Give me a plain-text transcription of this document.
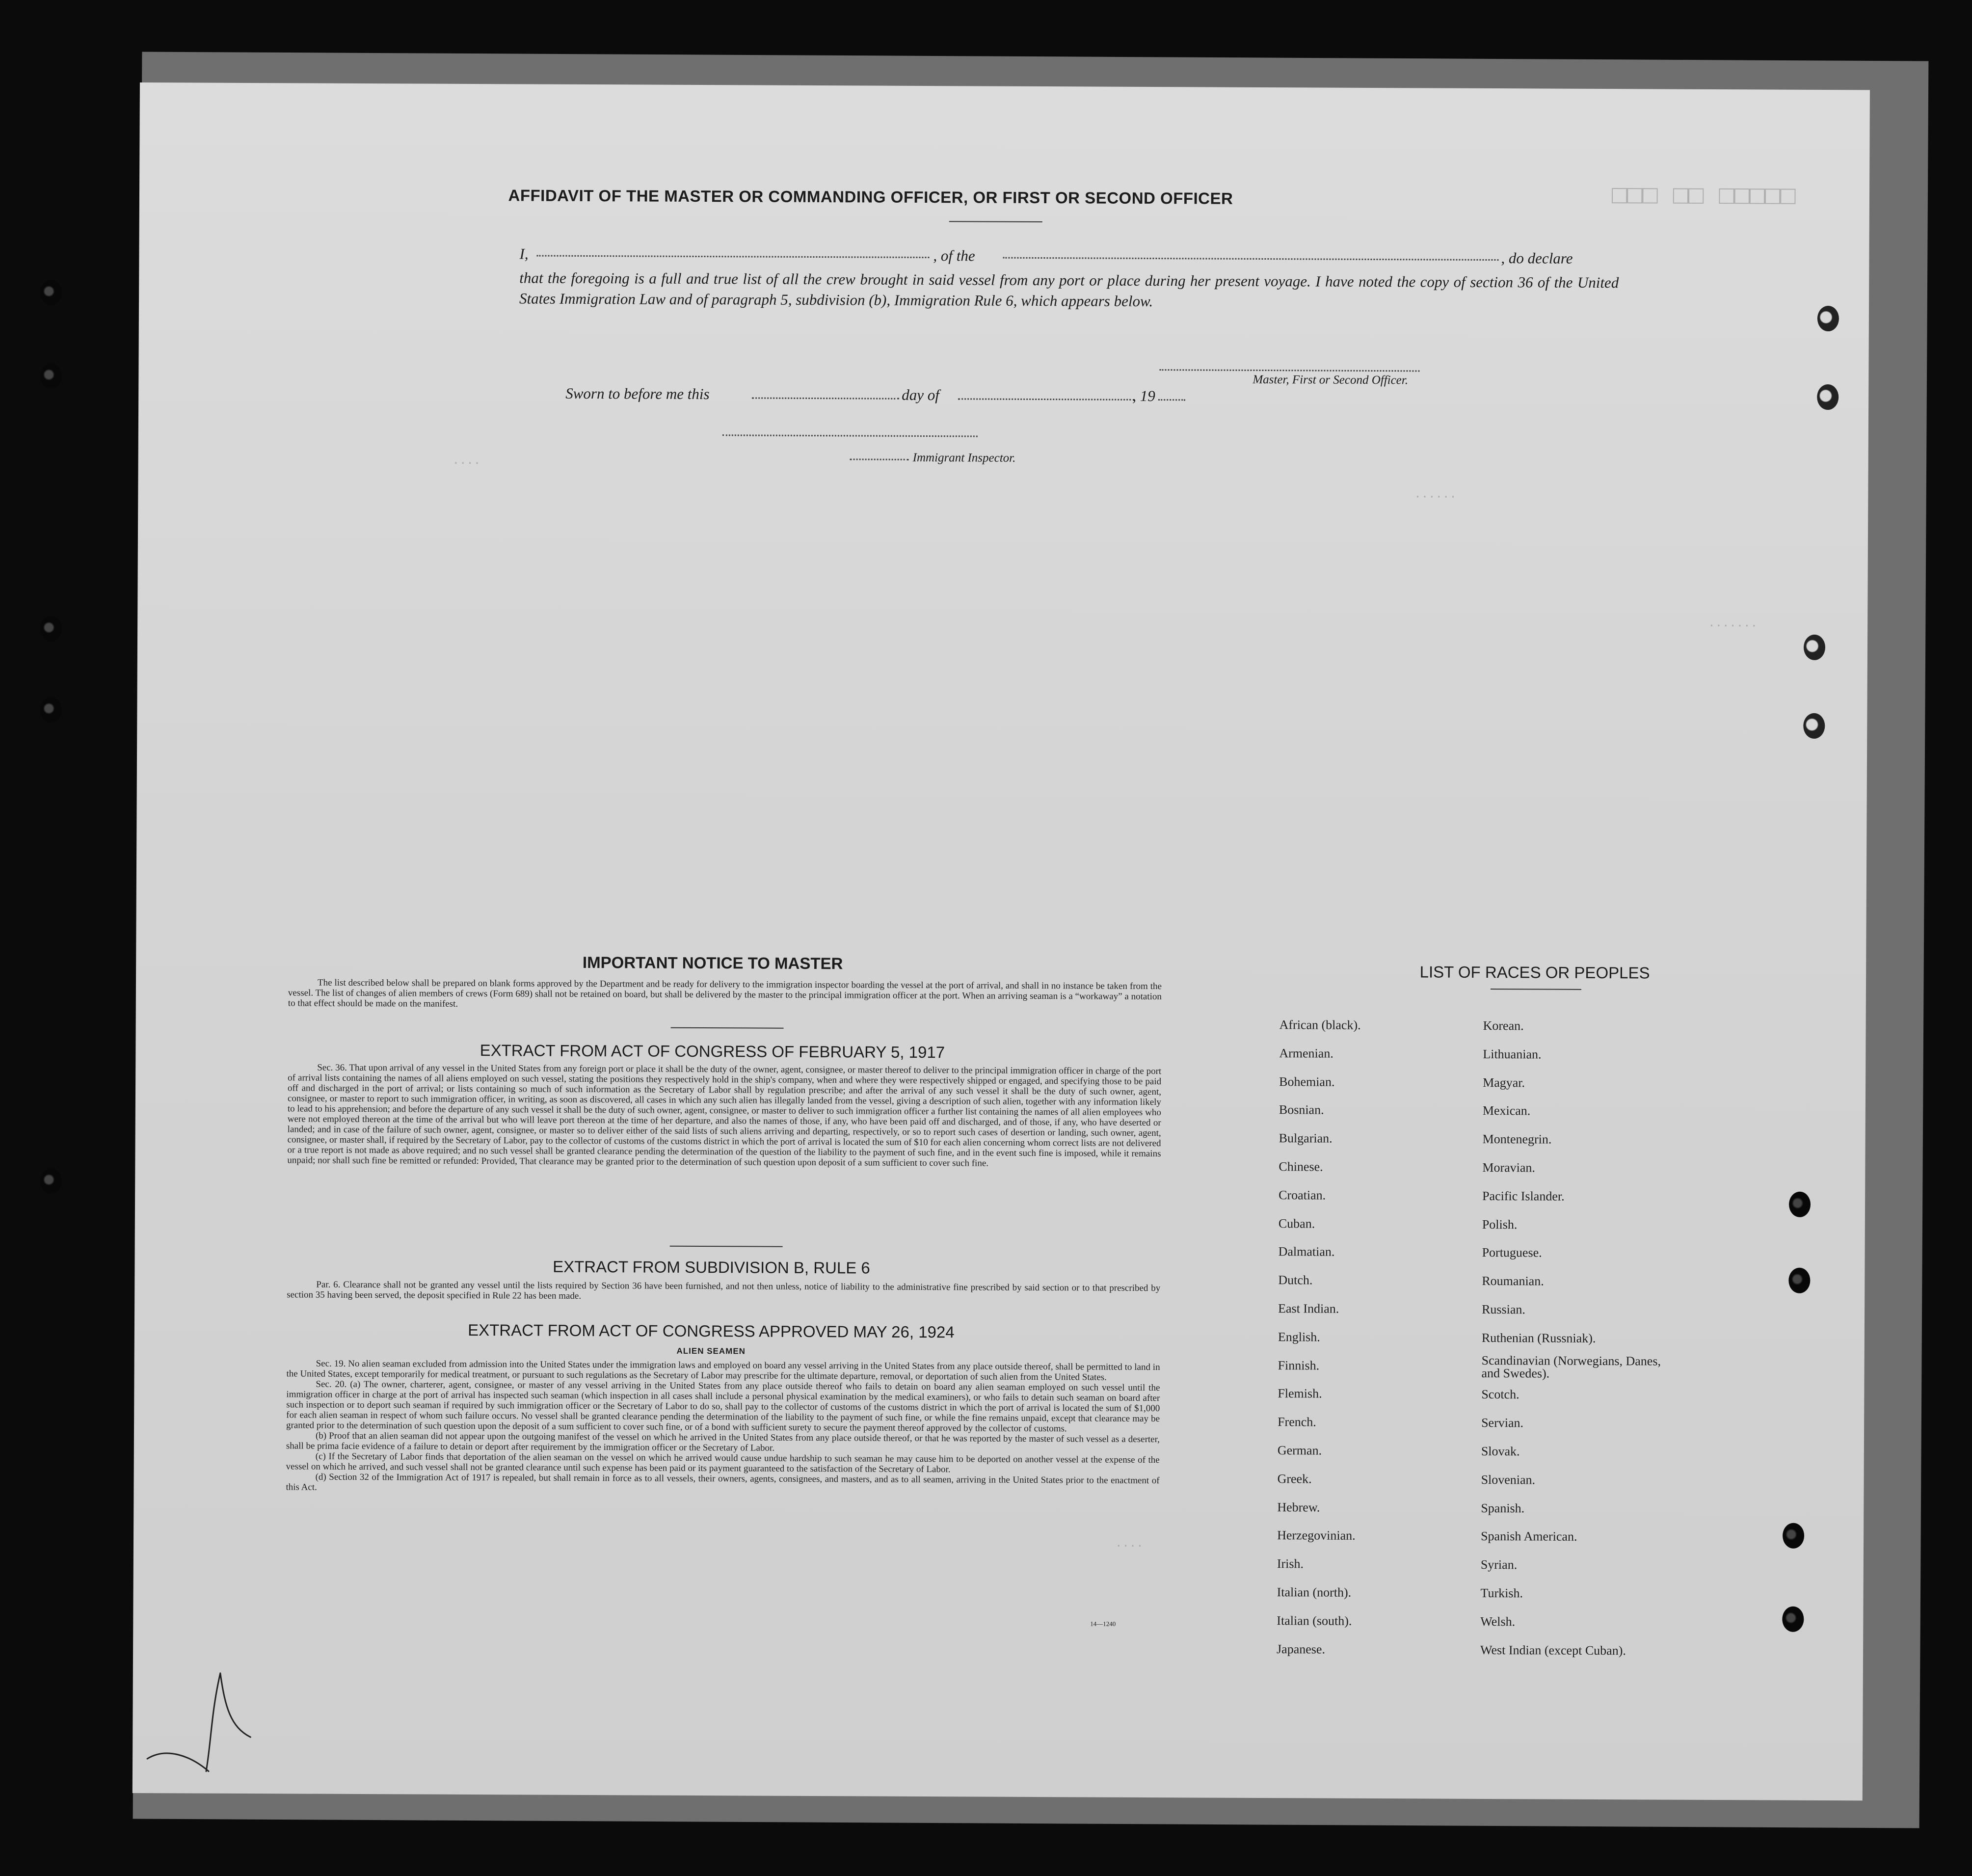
□□□ □□ □□□□□
······
·······
····
····
AFFIDAVIT OF THE MASTER OR COMMANDING OFFICER, OR FIRST OR SECOND OFFICER
I,	, of the	, do declare
that the foregoing is a full and true list of all the crew brought in said vessel from any port or place during her present voyage. I have noted the copy of section 36 of the United States Immigration Law and of paragraph 5, subdivision (b), Immigration Rule 6, which appears below.
Master, First or Second Officer.
Sworn to before me this	day of	, 19
Immigrant Inspector.
IMPORTANT NOTICE TO MASTER
The list described below shall be prepared on blank forms approved by the Department and be ready for delivery to the immigration inspector boarding the vessel at the port of arrival, and shall in no instance be taken from the vessel. The list of changes of alien members of crews (Form 689) shall not be retained on board, but shall be delivered by the master to the principal immigration officer at the port. When an arriving seaman is a “workaway” a notation to that effect should be made on the manifest.
EXTRACT FROM ACT OF CONGRESS OF FEBRUARY 5, 1917
Sec. 36. That upon arrival of any vessel in the United States from any foreign port or place it shall be the duty of the owner, agent, consignee, or master thereof to deliver to the principal immigration officer in charge of the port of arrival lists containing the names of all aliens employed on such vessel, stating the positions they respectively hold in the ship's company, when and where they were respectively shipped or engaged, and specifying those to be paid off and discharged in the port of arrival; or lists containing so much of such information as the Secretary of Labor shall by regulation prescribe; and after the arrival of any such vessel it shall be the duty of such owner, agent, consignee, or master to report to such immigration officer, in writing, as soon as discovered, all cases in which any such alien has illegally landed from the vessel, giving a description of such alien, together with any information likely to lead to his apprehension; and before the departure of any such vessel it shall be the duty of such owner, agent, consignee, or master to deliver to such immigration officer a further list containing the names of all alien employees who were not employed thereon at the time of the arrival but who will leave port thereon at the time of her departure, and also the names of those, if any, who have been paid off and discharged, and of those, if any, who have deserted or landed; and in case of the failure of such owner, agent, consignee, or master so to deliver either of the said lists of such aliens arriving and departing, respectively, or so to report such cases of desertion or landing, such owner, agent, consignee, or master shall, if required by the Secretary of Labor, pay to the collector of customs of the customs district in which the port of arrival is located the sum of $10 for each alien concerning whom correct lists are not delivered or a true report is not made as above required; and no such vessel shall be granted clearance pending the determination of the question of the liability to the payment of such fine, and in the event such fine is imposed, while it remains unpaid; nor shall such fine be remitted or refunded: Provided, That clearance may be granted prior to the determination of such question upon deposit of a sum sufficient to cover such fine.
EXTRACT FROM SUBDIVISION B, RULE 6
Par. 6. Clearance shall not be granted any vessel until the lists required by Section 36 have been furnished, and not then unless, notice of liability to the administrative fine prescribed by said section or to that prescribed by section 35 having been served, the deposit specified in Rule 22 has been made.
EXTRACT FROM ACT OF CONGRESS APPROVED MAY 26, 1924
ALIEN SEAMEN
Sec. 19. No alien seaman excluded from admission into the United States under the immigration laws and employed on board any vessel arriving in the United States from any place outside thereof, shall be permitted to land in the United States, except temporarily for medical treatment, or pursuant to such regulations as the Secretary of Labor may prescribe for the ultimate departure, removal, or deportation of such alien from the United States.
Sec. 20. (a) The owner, charterer, agent, consignee, or master of any vessel arriving in the United States from any place outside thereof who fails to detain on board any alien seaman employed on such vessel until the immigration officer in charge at the port of arrival has inspected such seaman (which inspection in all cases shall include a personal physical examination by the medical examiners), or who fails to detain such seaman on board after such inspection or to deport such seaman if required by such immigration officer or the Secretary of Labor to do so, shall pay to the collector of customs of the customs district in which the port of arrival is located the sum of $1,000 for each alien seaman in respect of whom such failure occurs. No vessel shall be granted clearance pending the determination of the liability to the payment of such fine, or while the fine remains unpaid, except that clearance may be granted prior to the determination of such question upon the deposit of a sum sufficient to cover such fine, or of a bond with sufficient surety to secure the payment thereof approved by the collector of customs.
(b) Proof that an alien seaman did not appear upon the outgoing manifest of the vessel on which he arrived in the United States from any place outside thereof, or that he was reported by the master of such vessel as a deserter, shall be prima facie evidence of a failure to detain or deport after requirement by the immigration officer or the Secretary of Labor.
(c) If the Secretary of Labor finds that deportation of the alien seaman on the vessel on which he arrived would cause undue hardship to such seaman he may cause him to be deported on another vessel at the expense of the vessel on which he arrived, and such vessel shall not be granted clearance until such expense has been paid or its payment guaranteed to the satisfaction of the Secretary of Labor.
(d) Section 32 of the Immigration Act of 1917 is repealed, but shall remain in force as to all vessels, their owners, agents, consignees, and masters, and as to all seamen, arriving in the United States prior to the enactment of this Act.
14—1240
LIST OF RACES OR PEOPLES
African (black).
Armenian.
Bohemian.
Bosnian.
Bulgarian.
Chinese.
Croatian.
Cuban.
Dalmatian.
Dutch.
East Indian.
English.
Finnish.
Flemish.
French.
German.
Greek.
Hebrew.
Herzegovinian.
Irish.
Italian (north).
Italian (south).
Japanese.
Korean.
Lithuanian.
Magyar.
Mexican.
Montenegrin.
Moravian.
Pacific Islander.
Polish.
Portuguese.
Roumanian.
Russian.
Ruthenian (Russniak).
Scandinavian (Norwegians, Danes, and Swedes).
Scotch.
Servian.
Slovak.
Slovenian.
Spanish.
Spanish American.
Syrian.
Turkish.
Welsh.
West Indian (except Cuban).
